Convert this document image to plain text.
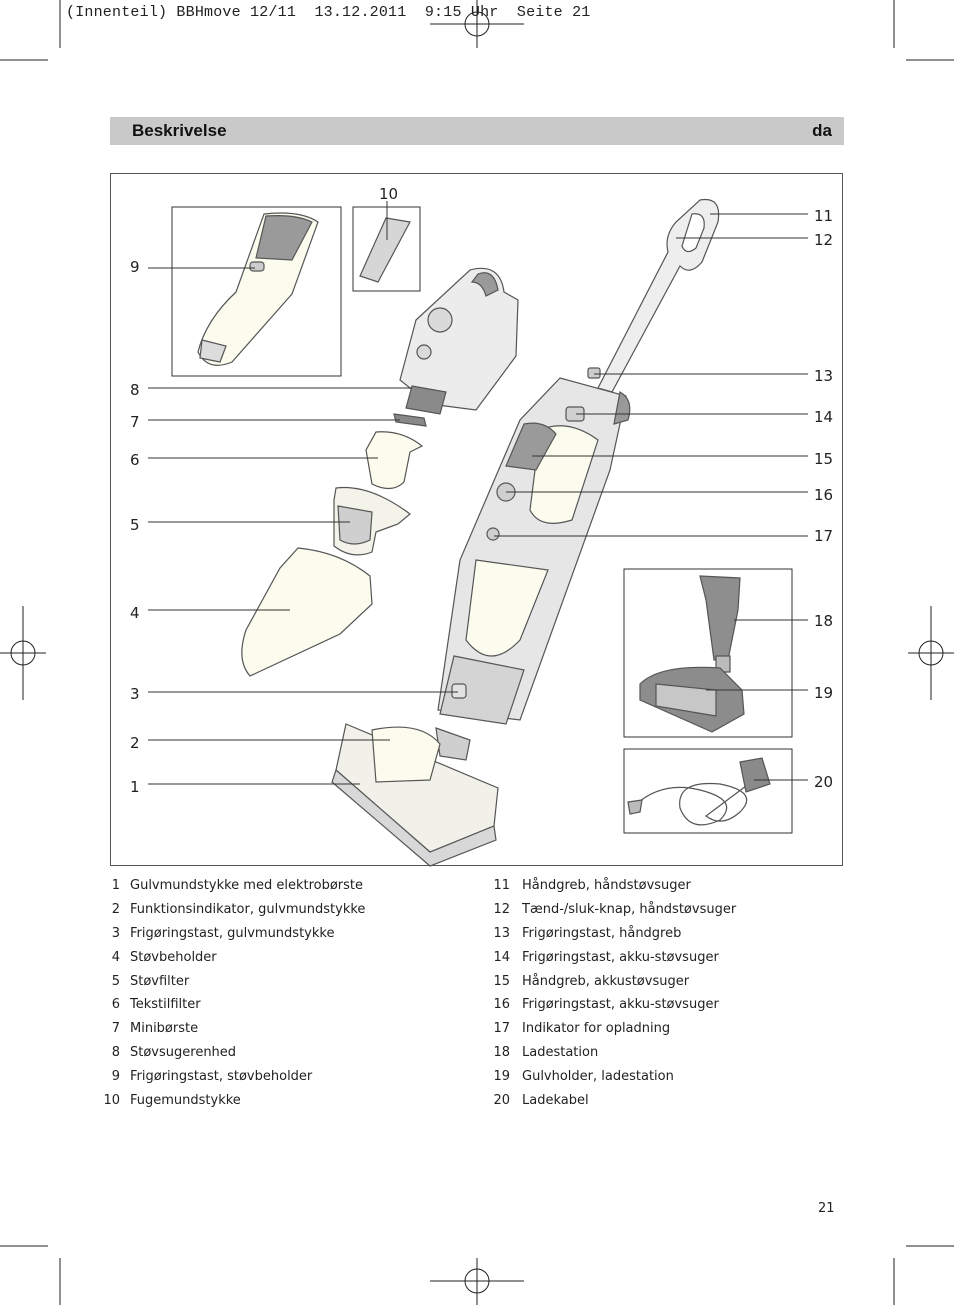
(Innenteil) BBHmove 12/11  13.12.2011  9:15 Uhr  Seite 21
Beskrivelse	da
10
9
8
7
6
5
4
3
2
1
11
12
13
14
15
16
17
18
19
20
1 Gulvmundstykke med elektrobørste
2 Funktionsindikator, gulvmundstykke
3 Frigøringstast, gulvmundstykke
4 Støvbeholder
5 Støvfilter
6 Tekstilfilter
7 Minibørste
8 Støvsugerenhed
9 Frigøringstast, støvbeholder
10 Fugemundstykke
11 Håndgreb, håndstøvsuger
12 Tænd-/sluk-knap, håndstøvsuger
13 Frigøringstast, håndgreb
14 Frigøringstast, akku-støvsuger
15 Håndgreb, akkustøvsuger
16 Frigøringstast, akku-støvsuger
17 Indikator for opladning
18 Ladestation
19 Gulvholder, ladestation
20 Ladekabel
21
